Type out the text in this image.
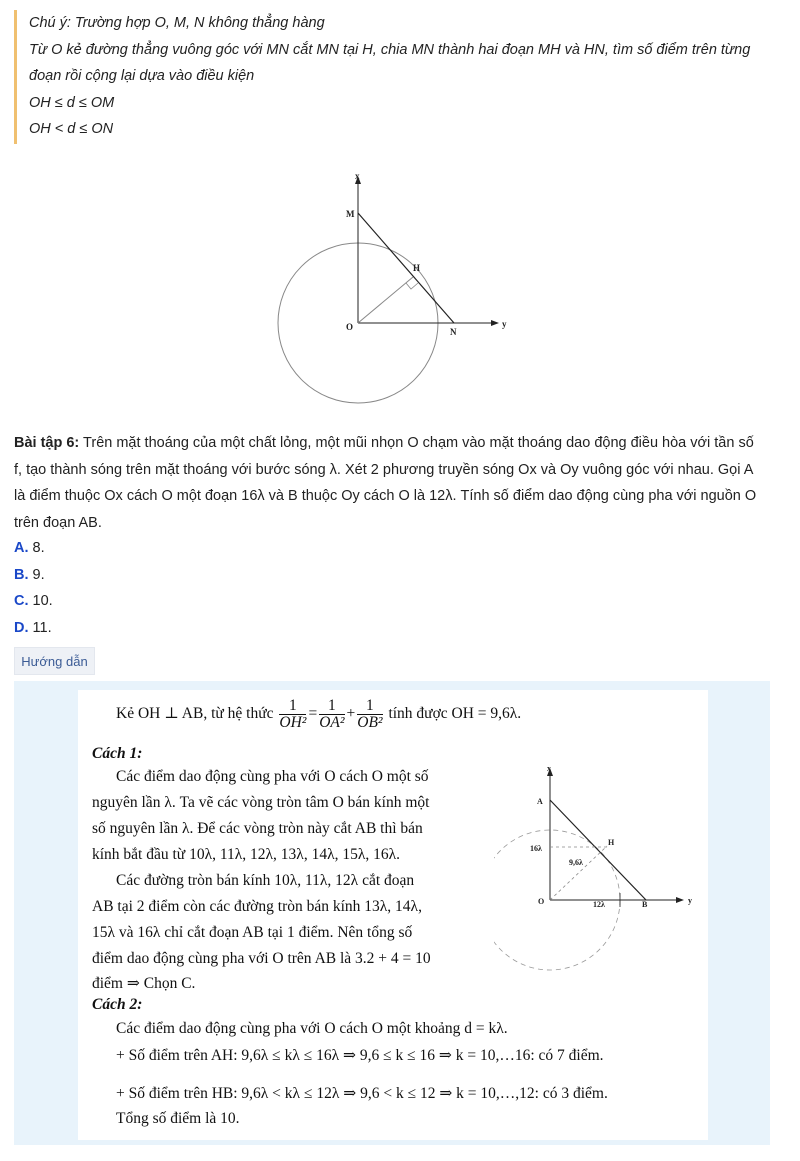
Chú ý: Trường hợp O, M, N không thẳng hàng
Từ O kẻ đường thẳng vuông góc với MN cắt MN tại H, chia MN thành hai đoạn MH và HN, tìm số điểm trên từng
đoạn rồi cộng lại dựa vào điều kiện
OH ≤ d ≤ OM
OH < d ≤ ON
x
M
H
O	N
y
Bài tập 6: Trên mặt thoáng của một chất lỏng, một mũi nhọn O chạm vào mặt thoáng dao động điều hòa với tần số
f, tạo thành sóng trên mặt thoáng với bước sóng λ. Xét 2 phương truyền sóng Ox và Oy vuông góc với nhau. Gọi A
là điểm thuộc Ox cách O một đoạn 16λ và B thuộc Oy cách O là 12λ. Tính số điểm dao động cùng pha với nguồn O
trên đoạn AB.
A. 8.
B. 9.
C. 10.
D. 11.
Hướng dẫn
Kẻ OH ⊥ AB, từ hệ thức $\frac{1}{\text{OH²}} = \frac{1}{\text{OA²}} + \frac{1}{\text{OB²}}$ tính được OH = 9,6λ.
Cách 1:
Các điểm dao động cùng pha với O cách O một số
nguyên lần λ. Ta vẽ các vòng tròn tâm O bán kính một
số nguyên lần λ. Để các vòng tròn này cắt AB thì bán
kính bắt đầu từ 10λ, 11λ, 12λ, 13λ, 14λ, 15λ, 16λ.
Các đường tròn bán kính 10λ, 11λ, 12λ cắt đoạn
AB tại 2 điểm còn các đường tròn bán kính 13λ, 14λ,
15λ và 16λ chỉ cắt đoạn AB tại 1 điểm. Nên tổng số
điểm dao động cùng pha với O trên AB là 3.2 + 4 = 10
điểm ⇒ Chọn C.
Cách 2:
Các điểm dao động cùng pha với O cách O một khoảng d = kλ.
+ Số điểm trên AH: 9,6λ ≤ kλ ≤ 16λ ⇒ 9,6 ≤ k ≤ 16 ⇒ k = 10,…16: có 7 điểm.
+ Số điểm trên HB: 9,6λ < kλ ≤ 12λ ⇒ 9,6 < k ≤ 12 ⇒ k = 10,…,12: có 3 điểm.
Tổng số điểm là 10.
x
A
16λ
H
9,6λ
O	12λ	B	y
